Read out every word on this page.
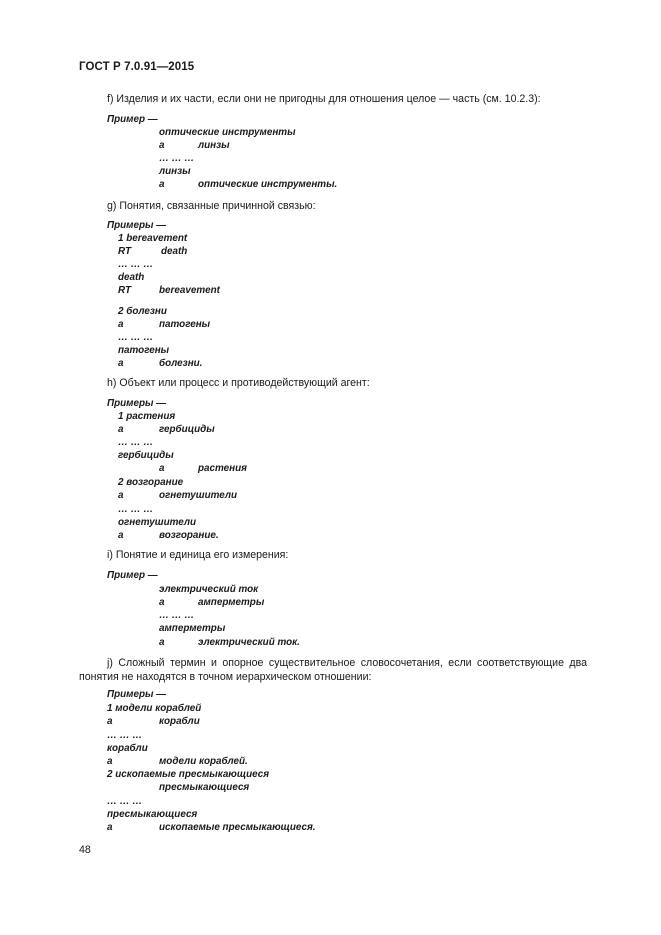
ГОСТ Р 7.0.91—2015
f) Изделия и их части, если они не пригодны для отношения целое — часть (см. 10.2.3):
Пример —
оптические инструменты
а	линзы
… … …
линзы
а	оптические инструменты.
g) Понятия, связанные причинной связью:
Примеры —
1 bereavement
RT	death
… … …
death
RT	bereavement
2 болезни
а	патогены
… … …
патогены
а	болезни.
h) Объект или процесс и противодействующий агент:
Примеры —
1 растения
а	гербициды
… … …
гербициды
а	растения
2 возгорание
а	огнетушители
… … …
огнетушители
а	возгорание.
i) Понятие и единица его измерения:
Пример —
электрический ток
а	амперметры
… … …
амперметры
а	электрический ток.
j) Сложный термин и опорное существительное словосочетания, если соответствующие два понятия не находятся в точном иерархическом отношении:
Примеры —
1 модели кораблей
а	корабли
… … …
корабли
а	модели кораблей.
2 ископаемые пресмыкающиеся
пресмыкающиеся
… … …
пресмыкающиеся
а	ископаемые пресмыкающиеся.
48
